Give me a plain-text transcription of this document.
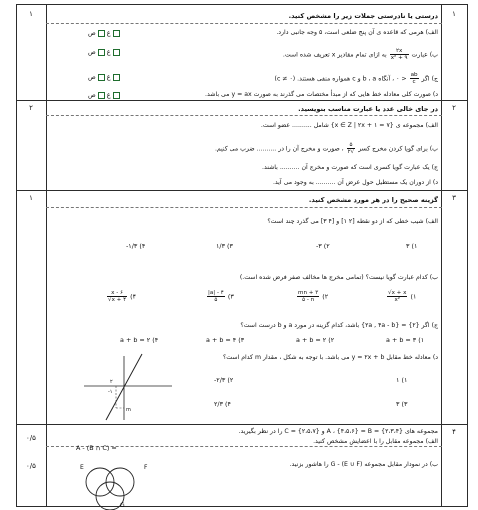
۱
۲
۳
۴
۱
۲
۱
۰/۵
۰/۵
درستی یا نادرستی جملات زیر را مشخص کنید.
الف) هرمی که قاعده ی آن پنج ضلعی است، ۵ وجه جانبی دارد.
ب) عبارت
$\frac{۲x}{\text{x² + ۹}}$
به ازای تمام مقادیر x تعریف شده است.
ج) اگر
$\frac{ab}{c}$
< ۰ ، آنگاه b ، a و c همواره منفی هستند. (c ≠ ۰)
د) صورت کلی معادله خط هایی که از مبدأ مختصات می گذرند به صورت y = ax می باشد.
غص
غص
غص
غص
در جای خالی عدد یا عبارت مناسب بنویسید.
الف) مجموعه ی {x ∈ Z | ۲x + ۱ = ۷} شامل .......... عضو است.
ب) برای گویا کردن مخرج کسر
$\frac{۵}{√۲}$
، صورت و مخرج آن را در .......... ضرب می کنیم.
ج) یک عبارت گویا کسری است که صورت و مخرج آن .......... باشند.
د) از دوران یک مستطیل حول عرض آن .......... به وجود می آید.
گزینه صحیح را در هر مورد مشخص کنید.
الف) شیب خطی که از دو نقطه [۲ ۱] و [۴ ۳] می گذرد چند است؟
۳ (۱
-۳ (۲
۱/۳ (۳
-۱/۳ (۴
ب) کدام عبارت گویا نیست؟ (تمامی مخرج ها مخالف صفر فرض شده است.)
$\frac{√x + x}{\text{x²}}$ (۱
$\frac{mn + ۳}{۵ - n}$ (۲
$\frac{|a| - ۴}{۵}$ (۳
$\frac{x - ۶}{√x + ۴}$ (۴
ج) اگر {۲} = {۲a , ۴a - b} باشد، کدام گزینه در مورد a و b درست است؟
a + b = ۳ (۱
a + b = ۲ (۲
a + b = ۴ (۳
a + b = ۲ (۴
د) معادله خط مقابل y = ۲x + b می باشد. با توجه به شکل ، مقدار m کدام است؟
۱ (۱
۳ (۳
-۲/۳ (۲
۲/۳ (۴
۲
-۱
m
مجموعه های {۲،۳،۴} = A ، {۴،۵،۶} = B و {۲،۵،۷} = C را در نظر بگیرید.
الف) مجموعه مقابل را با اعضایش مشخص کنید.
ب) در نمودار مقابل مجموعه (E ∪ F) - G را هاشور بزنید.
A - (B ∩ C) =
E	F
G
